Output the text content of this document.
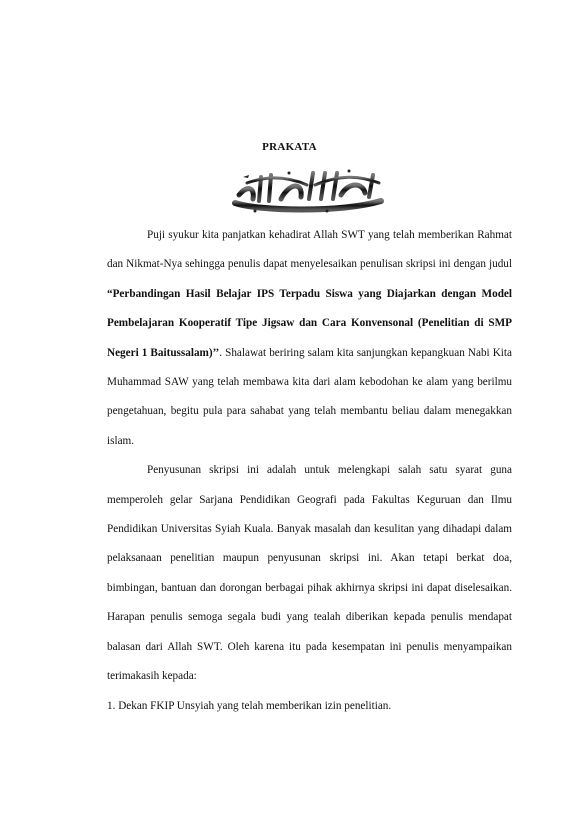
PRAKATA

Puji syukur kita panjatkan kehadirat Allah SWT yang telah memberikan Rahmat dan Nikmat-Nya sehingga penulis dapat menyelesaikan penulisan skripsi ini dengan judul “Perbandingan Hasil Belajar IPS Terpadu Siswa yang Diajarkan dengan Model Pembelajaran Kooperatif Tipe Jigsaw dan Cara Konvensonal (Penelitian di SMP Negeri 1 Baitussalam)’’. Shalawat beriring salam kita sanjungkan kepangkuan Nabi Kita Muhammad SAW yang telah membawa kita dari alam kebodohan ke alam yang berilmu pengetahuan, begitu pula para sahabat yang telah membantu beliau dalam menegakkan islam.

Penyusunan skripsi ini adalah untuk melengkapi salah satu syarat guna memperoleh gelar Sarjana Pendidikan Geografi pada Fakultas Keguruan dan Ilmu Pendidikan Universitas Syiah Kuala. Banyak masalah dan kesulitan yang dihadapi dalam pelaksanaan penelitian maupun penyusunan skripsi ini. Akan tetapi berkat doa, bimbingan, bantuan dan dorongan berbagai pihak akhirnya skripsi ini dapat diselesaikan. Harapan penulis semoga segala budi yang tealah diberikan kepada penulis mendapat balasan dari Allah SWT. Oleh karena itu pada kesempatan ini penulis menyampaikan terimakasih kepada:

1. Dekan FKIP Unsyiah yang telah memberikan izin penelitian.
